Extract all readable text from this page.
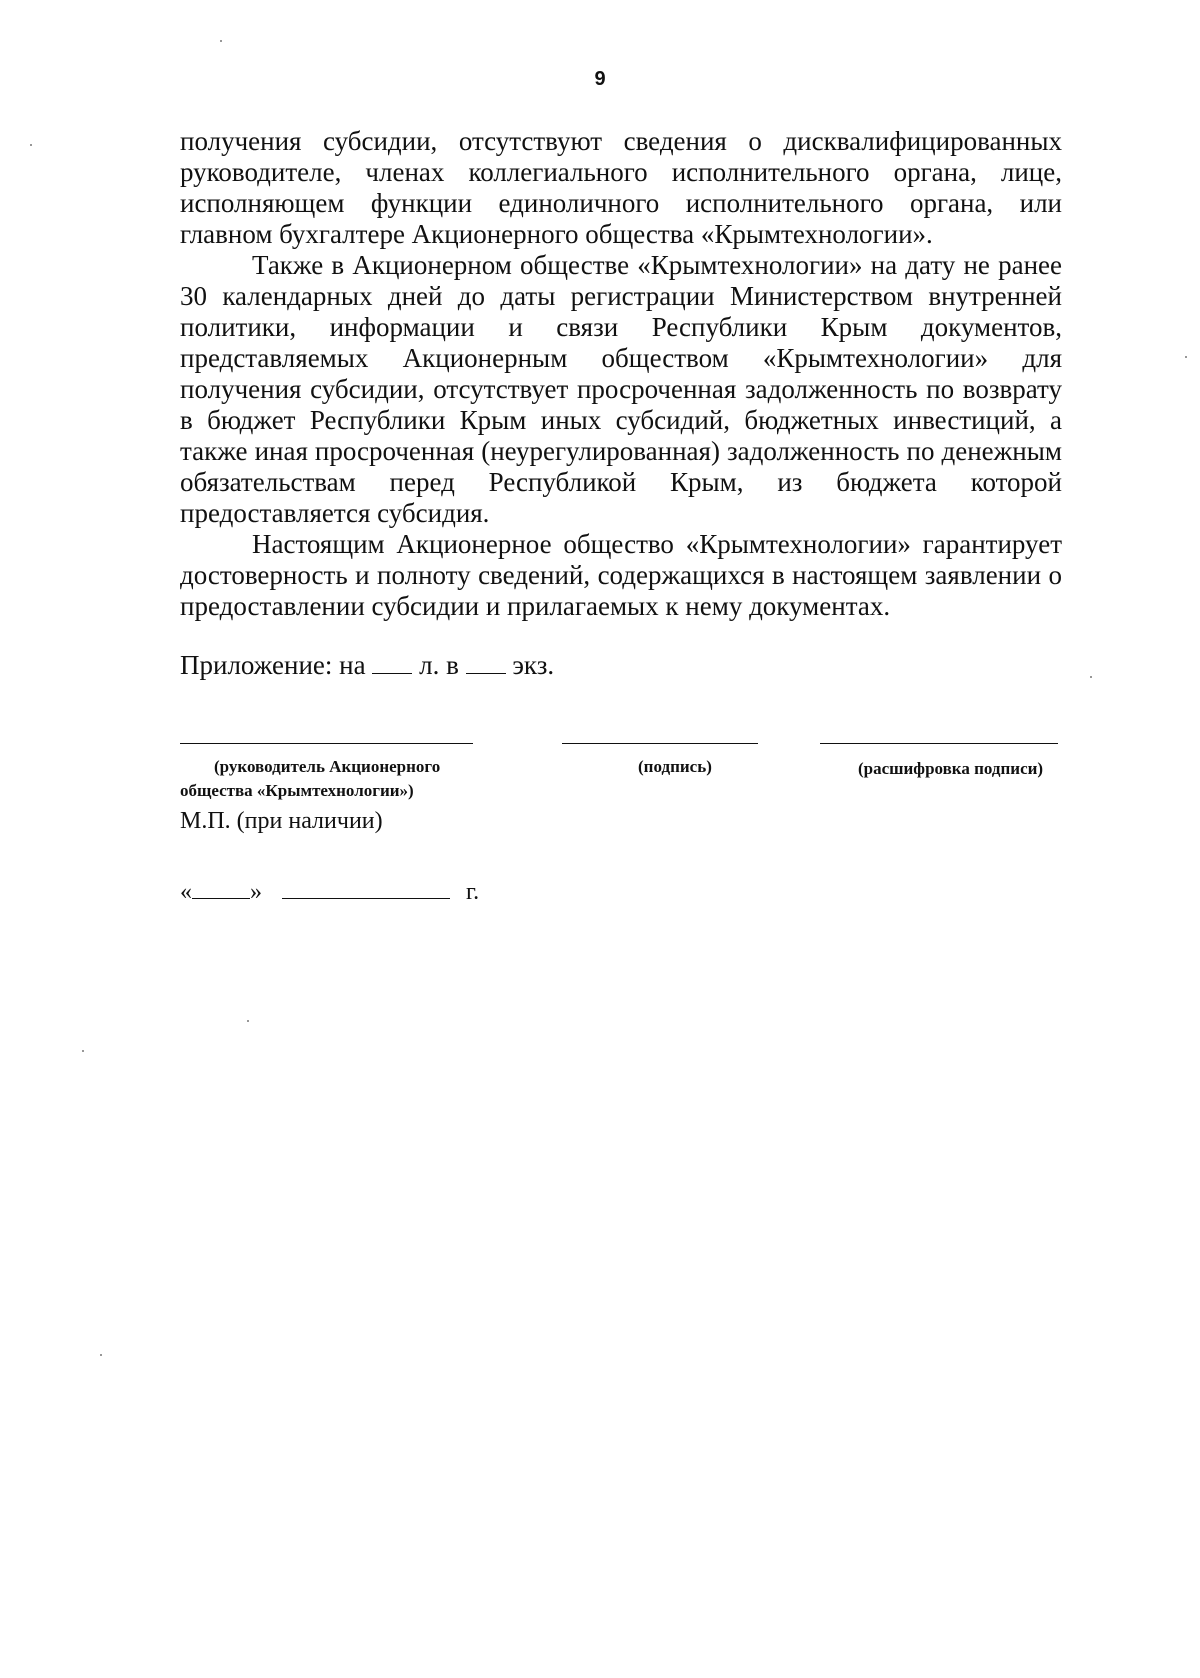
9

получения субсидии, отсутствуют сведения о дисквалифицированных руководителе, членах коллегиального исполнительного органа, лице, исполняющем функции единоличного исполнительного органа, или главном бухгалтере Акционерного общества «Крымтехнологии».

Также в Акционерном обществе «Крымтехнологии» на дату не ранее 30 календарных дней до даты регистрации Министерством внутренней политики, информации и связи Республики Крым документов, представляемых Акционерным обществом «Крымтехнологии» для получения субсидии, отсутствует просроченная задолженность по возврату в бюджет Республики Крым иных субсидий, бюджетных инвестиций, а также иная просроченная (неурегулированная) задолженность по денежным обязательствам перед Республикой Крым, из бюджета которой предоставляется субсидия.

Настоящим Акционерное общество «Крымтехнологии» гарантирует достоверность и полноту сведений, содержащихся в настоящем заявлении о предоставлении субсидии и прилагаемых к нему документах.

Приложение: на л. в экз.
(руководитель Акционерного
общества «Крымтехнологии»)
(подпись)	(расшифровка подписи)
М.П. (при наличии)
« »	г.
